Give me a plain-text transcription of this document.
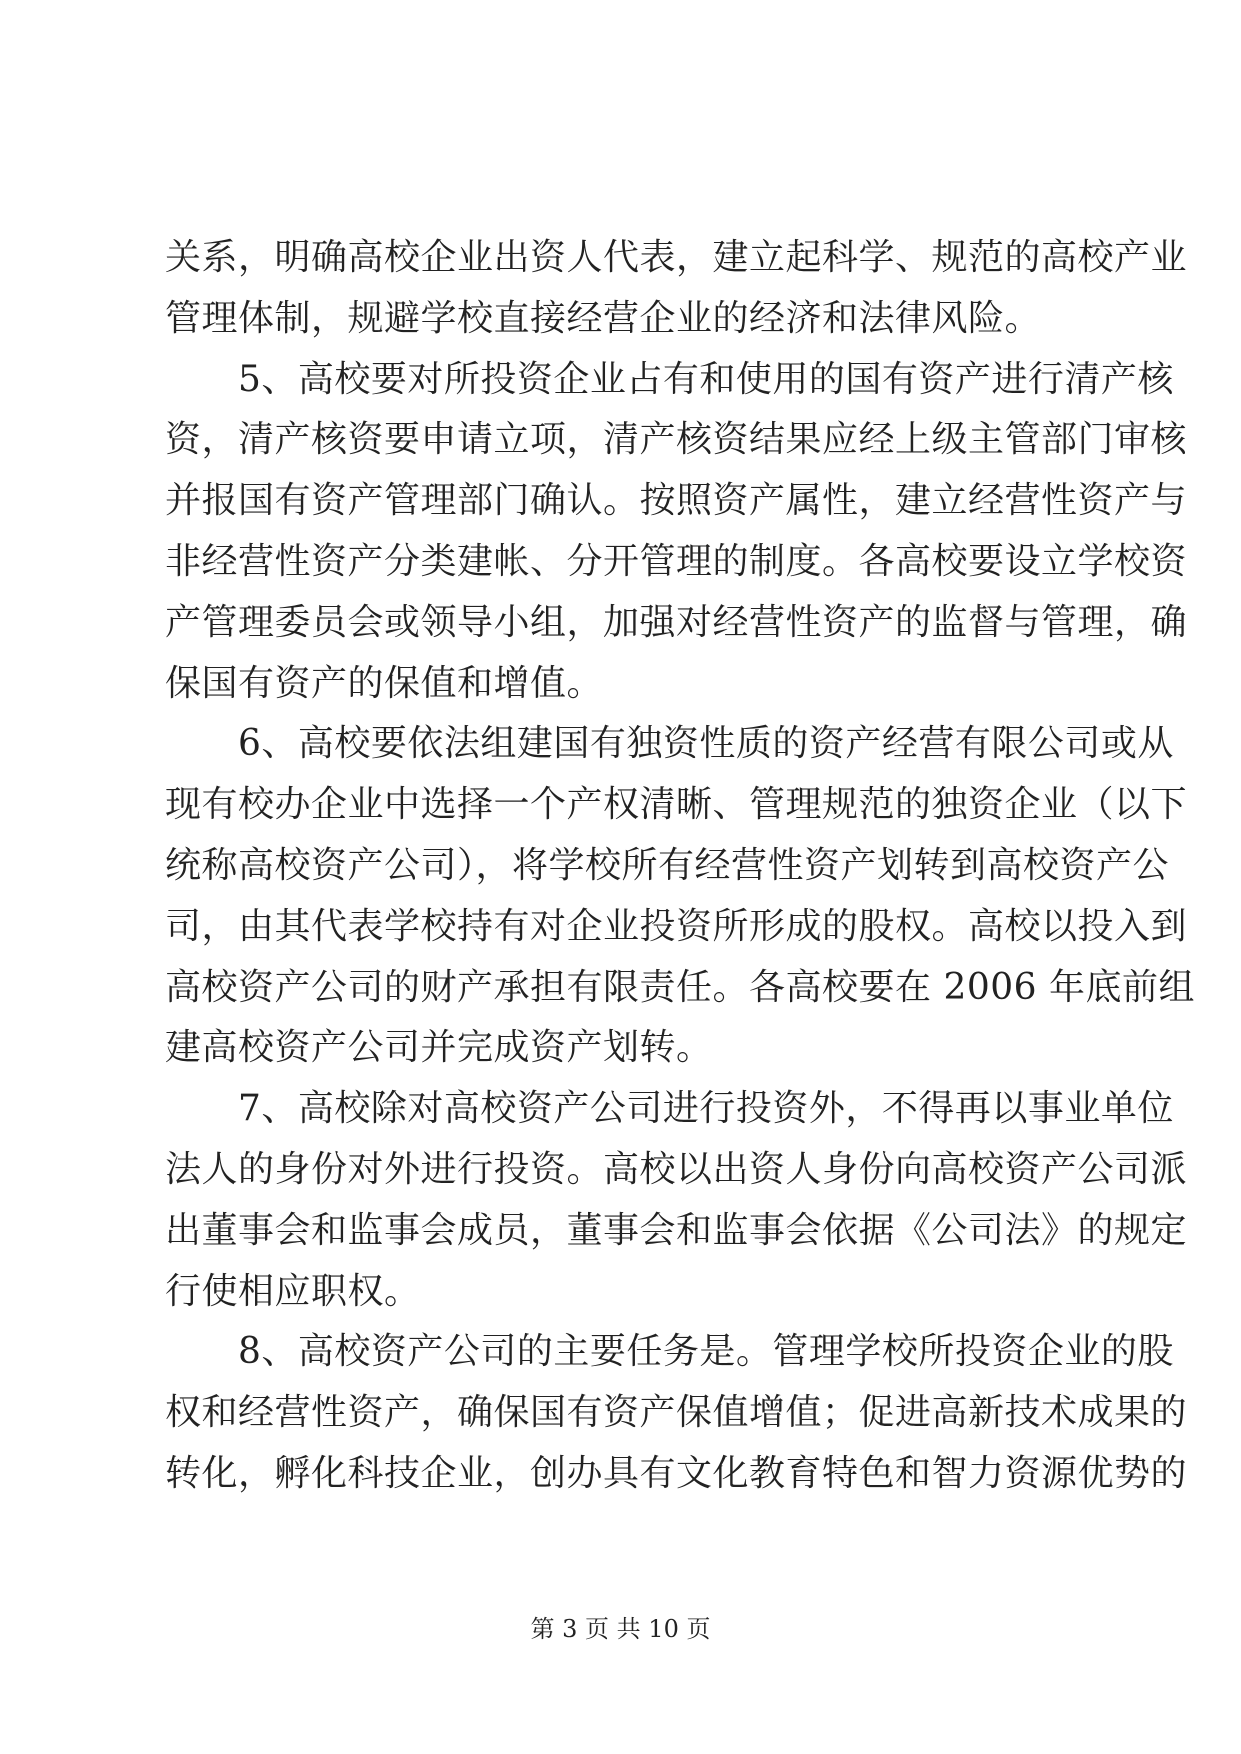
关系，明确高校企业出资人代表，建立起科学、规范的高校产业
管理体制，规避学校直接经营企业的经济和法律风险。
　　5、高校要对所投资企业占有和使用的国有资产进行清产核
资，清产核资要申请立项，清产核资结果应经上级主管部门审核
并报国有资产管理部门确认。按照资产属性，建立经营性资产与
非经营性资产分类建帐、分开管理的制度。各高校要设立学校资
产管理委员会或领导小组，加强对经营性资产的监督与管理，确
保国有资产的保值和增值。
　　6、高校要依法组建国有独资性质的资产经营有限公司或从
现有校办企业中选择一个产权清晰、管理规范的独资企业（以下
统称高校资产公司），将学校所有经营性资产划转到高校资产公
司，由其代表学校持有对企业投资所形成的股权。高校以投入到
高校资产公司的财产承担有限责任。各高校要在 2006 年底前组
建高校资产公司并完成资产划转。
　　7、高校除对高校资产公司进行投资外，不得再以事业单位
法人的身份对外进行投资。高校以出资人身份向高校资产公司派
出董事会和监事会成员，董事会和监事会依据《公司法》的规定
行使相应职权。
　　8、高校资产公司的主要任务是。管理学校所投资企业的股
权和经营性资产，确保国有资产保值增值；促进高新技术成果的
转化，孵化科技企业，创办具有文化教育特色和智力资源优势的
第 3 页 共 10 页
